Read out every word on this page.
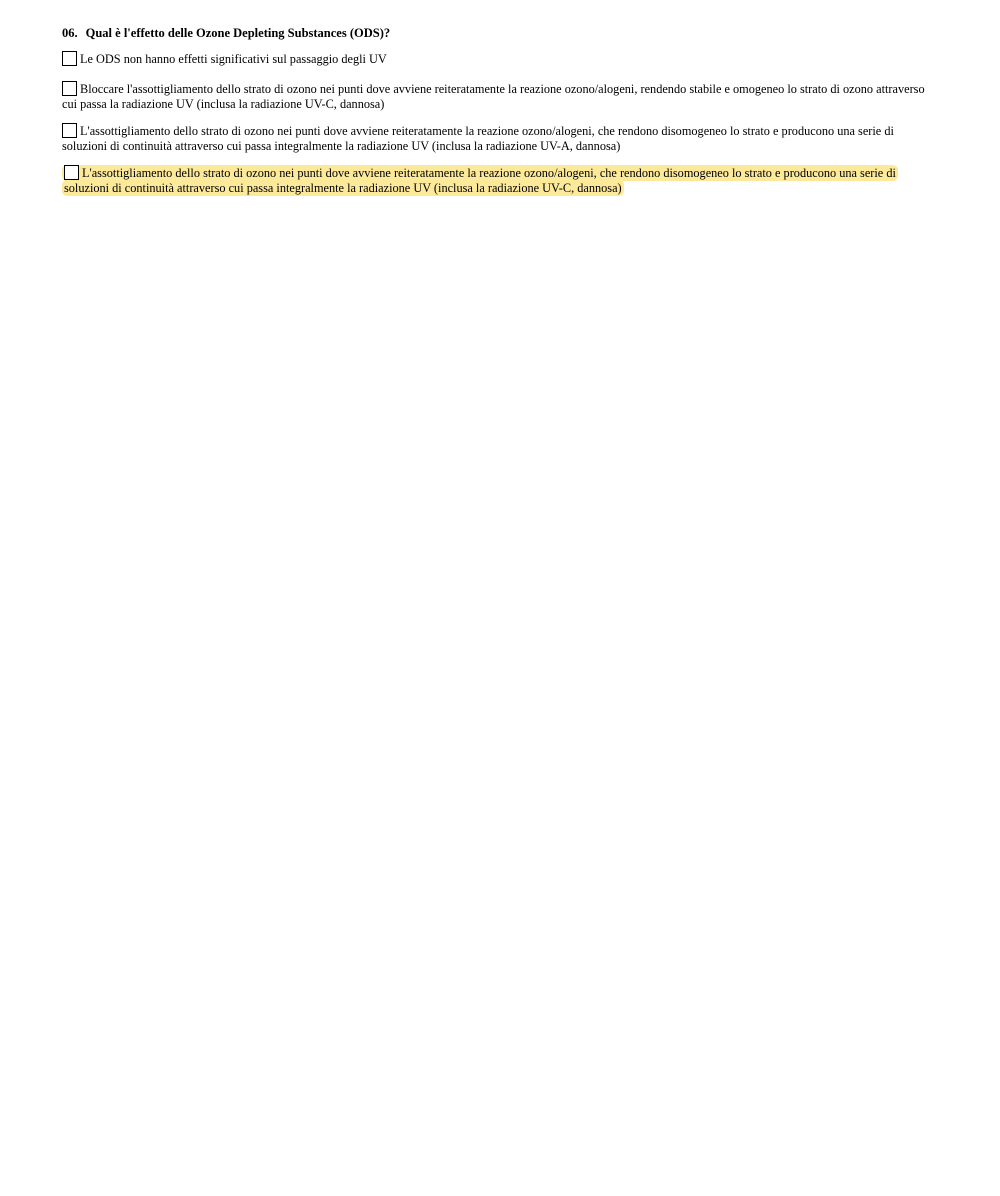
06. Qual è l'effetto delle Ozone Depleting Substances (ODS)?
Le ODS non hanno effetti significativi sul passaggio degli UV
Bloccare l'assottigliamento dello strato di ozono nei punti dove avviene reiteratamente la reazione ozono/alogeni, rendendo stabile e omogeneo lo strato di ozono attraverso cui passa la radiazione UV (inclusa la radiazione UV-C, dannosa)
L'assottigliamento dello strato di ozono nei punti dove avviene reiteratamente la reazione ozono/alogeni, che rendono disomogeneo lo strato e producono una serie di soluzioni di continuità attraverso cui passa integralmente la radiazione UV (inclusa la radiazione UV-A, dannosa)
L'assottigliamento dello strato di ozono nei punti dove avviene reiteratamente la reazione ozono/alogeni, che rendono disomogeneo lo strato e producono una serie di soluzioni di continuità attraverso cui passa integralmente la radiazione UV (inclusa la radiazione UV-C, dannosa)
